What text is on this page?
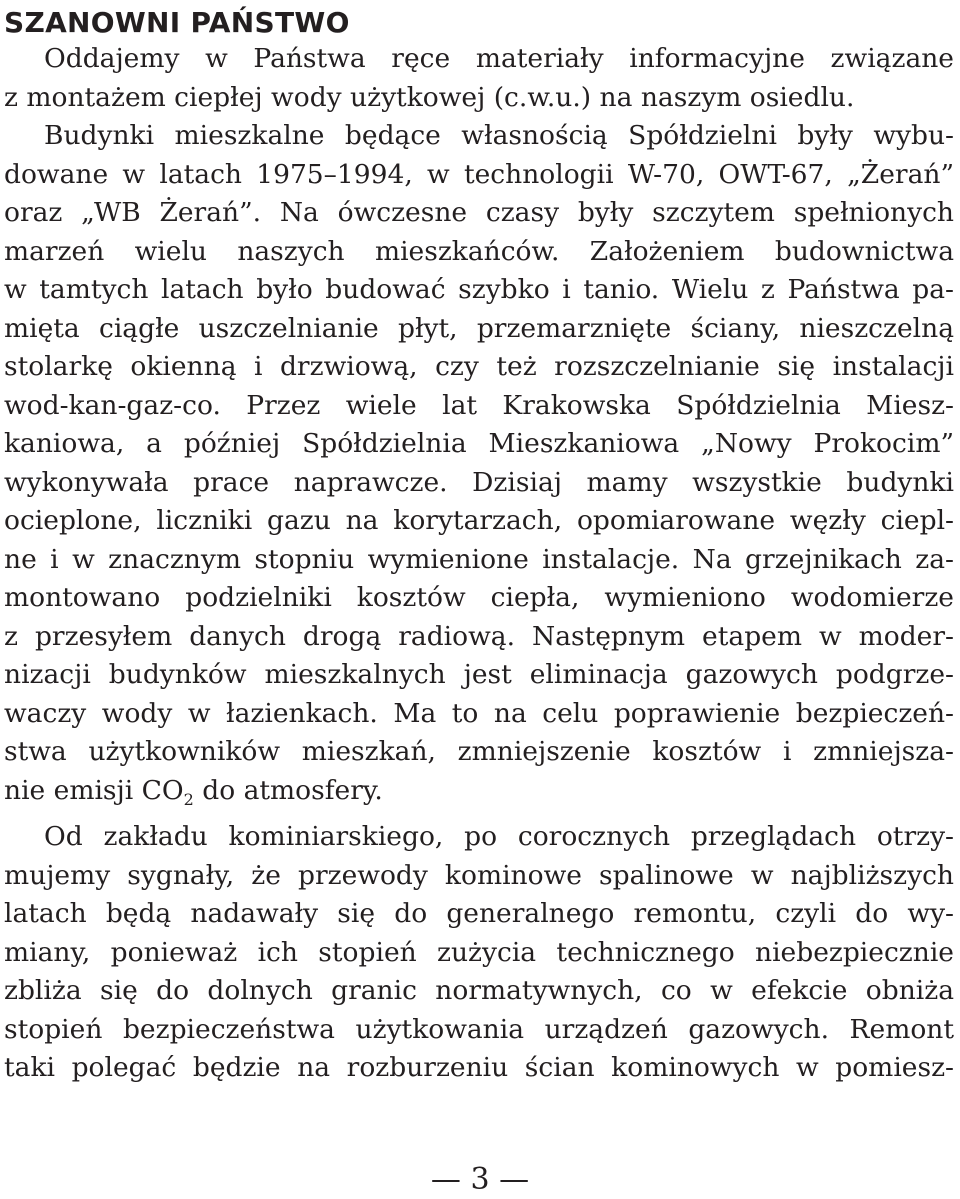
SZANOWNI PAŃSTWO

Oddajemy w Państwa ręce materiały informacyjne związane
z montażem ciepłej wody użytkowej (c.w.u.) na naszym osiedlu.

Budynki mieszkalne będące własnością Spółdzielni były wybu-
dowane w latach 1975–1994, w technologii W-70, OWT-67, „Żerań”
oraz „WB Żerań”. Na ówczesne czasy były szczytem spełnionych
marzeń wielu naszych mieszkańców. Założeniem budownictwa
w tamtych latach było budować szybko i tanio. Wielu z Państwa pa-
mięta ciągłe uszczelnianie płyt, przemarznięte ściany, nieszczelną
stolarkę okienną i drzwiową, czy też rozszczelnianie się instalacji
wod-kan-gaz-co. Przez wiele lat Krakowska Spółdzielnia Miesz-
kaniowa, a później Spółdzielnia Mieszkaniowa „Nowy Prokocim”
wykonywała prace naprawcze. Dzisiaj mamy wszystkie budynki
ocieplone, liczniki gazu na korytarzach, opomiarowane węzły ciepl-
ne i w znacznym stopniu wymienione instalacje. Na grzejnikach za-
montowano podzielniki kosztów ciepła, wymieniono wodomierze
z przesyłem danych drogą radiową. Następnym etapem w moder-
nizacji budynków mieszkalnych jest eliminacja gazowych podgrze-
waczy wody w łazienkach. Ma to na celu poprawienie bezpieczeń-
stwa użytkowników mieszkań, zmniejszenie kosztów i zmniejsza-
nie emisji $CO_2$ do atmosfery.

Od zakładu kominiarskiego, po corocznych przeglądach otrzy-
mujemy sygnały, że przewody kominowe spalinowe w najbliższych
latach będą nadawały się do generalnego remontu, czyli do wy-
miany, ponieważ ich stopień zużycia technicznego niebezpiecznie
zbliża się do dolnych granic normatywnych, co w efekcie obniża
stopień bezpieczeństwa użytkowania urządzeń gazowych. Remont
taki polegać będzie na rozburzeniu ścian kominowych w pomiesz-

— 3 —
